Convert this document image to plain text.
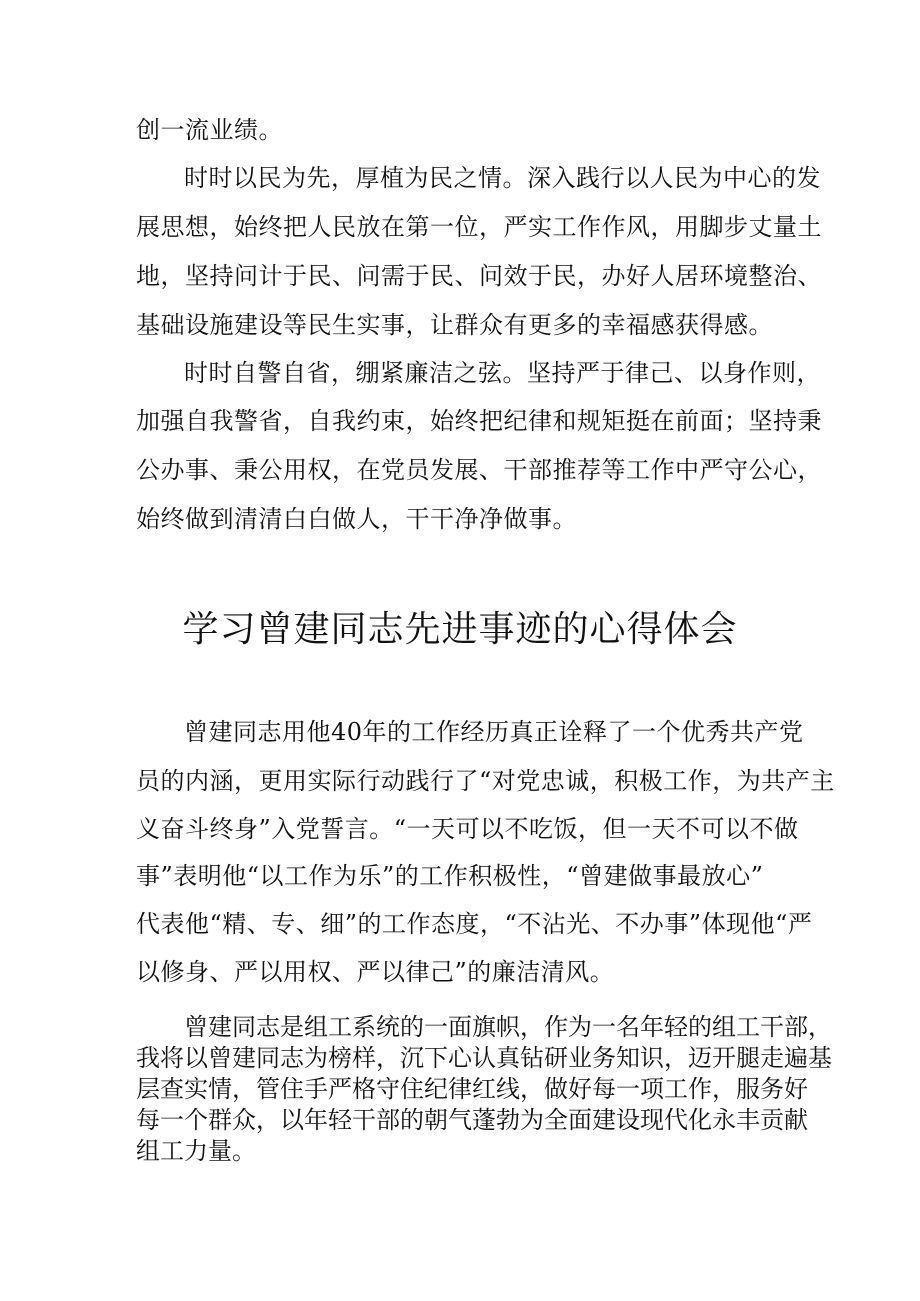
创一流业绩。
时时以民为先，厚植为民之情。深入践行以人民为中心的发
展思想，始终把人民放在第一位，严实工作作风，用脚步丈量土
地，坚持问计于民、问需于民、问效于民，办好人居环境整治、
基础设施建设等民生实事，让群众有更多的幸福感获得感。
时时自警自省，绷紧廉洁之弦。坚持严于律己、以身作则，
加强自我警省，自我约束，始终把纪律和规矩挺在前面；坚持秉
公办事、秉公用权，在党员发展、干部推荐等工作中严守公心，
始终做到清清白白做人，干干净净做事。
学习曾建同志先进事迹的心得体会
曾建同志用他40年的工作经历真正诠释了一个优秀共产党
员的内涵，更用实际行动践行了“对党忠诚，积极工作，为共产主
义奋斗终身”入党誓言。“一天可以不吃饭，但一天不可以不做
事”表明他“以工作为乐”的工作积极性，“曾建做事最放心”
代表他“精、专、细”的工作态度，“不沾光、不办事”体现他“严
以修身、严以用权、严以律己”的廉洁清风。
曾建同志是组工系统的一面旗帜，作为一名年轻的组工干部，
我将以曾建同志为榜样，沉下心认真钻研业务知识，迈开腿走遍基
层查实情，管住手严格守住纪律红线，做好每一项工作，服务好
每一个群众，以年轻干部的朝气蓬勃为全面建设现代化永丰贡献
组工力量。
